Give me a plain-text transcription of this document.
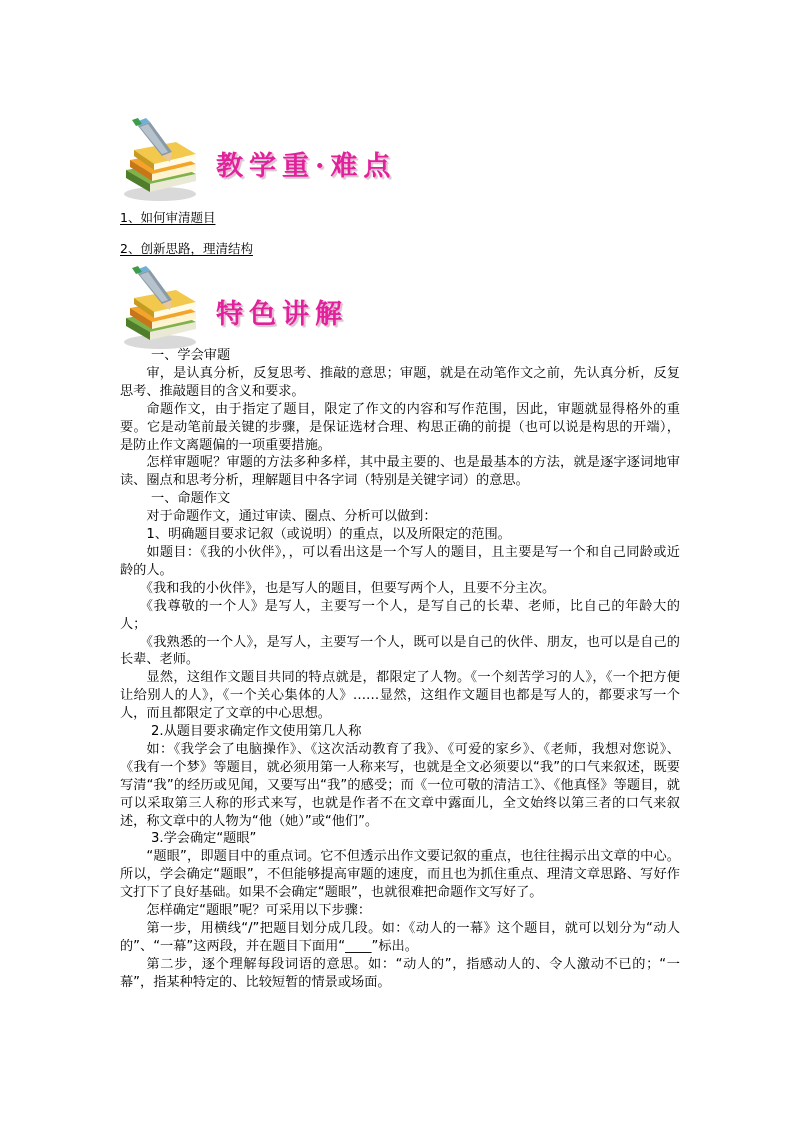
教学重·难点
1、如何审清题目
2、创新思路，理清结构
特色讲解

一、学会审题

审，是认真分析，反复思考、推敲的意思；审题，就是在动笔作文之前，先认真分析，反复思考、推敲题目的含义和要求。

命题作文，由于指定了题目，限定了作文的内容和写作范围，因此，审题就显得格外的重要。它是动笔前最关键的步骤，是保证选材合理、构思正确的前提（也可以说是构思的开端），是防止作文离题偏的一项重要措施。

怎样审题呢？审题的方法多种多样，其中最主要的、也是最基本的方法，就是逐字逐词地审读、圈点和思考分析，理解题目中各字词（特别是关键字词）的意思。

一、命题作文

对于命题作文，通过审读、圈点、分析可以做到：

1、明确题目要求记叙（或说明）的重点，以及所限定的范围。

如题目：《我的小伙伴》，，可以看出这是一个写人的题目，且主要是写一个和自己同龄或近龄的人。

《我和我的小伙伴》，也是写人的题目，但要写两个人，且要不分主次。

《我尊敬的一个人》是写人，主要写一个人，是写自己的长辈、老师，比自己的年龄大的人；

《我熟悉的一个人》，是写人，主要写一个人，既可以是自己的伙伴、朋友，也可以是自己的长辈、老师。

显然，这组作文题目共同的特点就是，都限定了人物。《一个刻苦学习的人》，《一个把方便让给别人的人》，《一个关心集体的人》……显然，这组作文题目也都是写人的，都要求写一个人，而且都限定了文章的中心思想。

2.从题目要求确定作文使用第几人称

如：《我学会了电脑操作》、《这次活动教育了我》、《可爱的家乡》、《老师，我想对您说》、《我有一个梦》等题目，就必须用第一人称来写，也就是全文必须要以“我”的口气来叙述，既要写清“我”的经历或见闻，又要写出“我”的感受；而《一位可敬的清洁工》、《他真怪》等题目，就可以采取第三人称的形式来写，也就是作者不在文章中露面儿，全文始终以第三者的口气来叙述，称文章中的人物为“他（她）”或“他们”。

3.学会确定“题眼”

“题眼”，即题目中的重点词。它不但透示出作文要记叙的重点，也往往揭示出文章的中心。所以，学会确定“题眼”，不但能够提高审题的速度，而且也为抓住重点、理清文章思路、写好作文打下了良好基础。如果不会确定“题眼”，也就很难把命题作文写好了。

怎样确定“题眼”呢？可采用以下步骤：

第一步，用横线“/”把题目划分成几段。如：《动人的一幕》这个题目，就可以划分为“动人的”、“一幕”这两段，并在题目下面用“____”标出。

第二步，逐个理解每段词语的意思。如：“动人的”，指感动人的、令人激动不已的；“一幕”，指某种特定的、比较短暂的情景或场面。
